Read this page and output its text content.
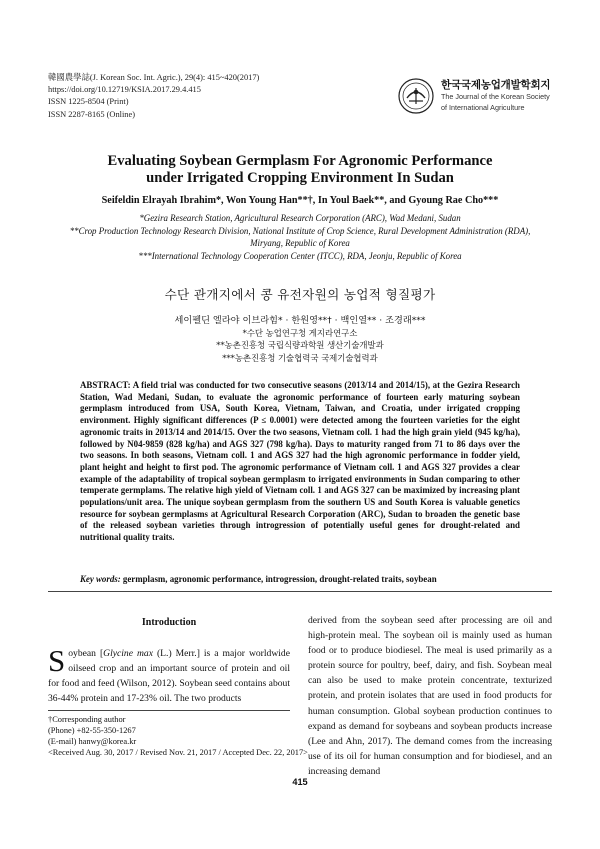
韓國農學誌(J. Korean Soc. Int. Agric.), 29(4): 415~420(2017)
https://doi.org/10.12719/KSIA.2017.29.4.415
ISSN 1225-8504 (Print)
ISSN 2287-8165 (Online)
한국국제농업개발학회지
The Journal of the Korean Society
of International Agriculture
Evaluating Soybean Germplasm For Agronomic Performance
under Irrigated Cropping Environment In Sudan
Seifeldin Elrayah Ibrahim*, Won Young Han**†, In Youl Baek**, and Gyoung Rae Cho***
*Gezira Research Station, Agricultural Research Corporation (ARC), Wad Medani, Sudan
**Crop Production Technology Research Division, National Institute of Crop Science, Rural Development Administration (RDA),
Miryang, Republic of Korea
***International Technology Cooperation Center (ITCC), RDA, Jeonju, Republic of Korea
수단 관개지에서 콩 유전자원의 농업적 형질평가
세이펠딘 엘라야 이브라힘* · 한원영**† · 백인열** · 조경래***
*수단 농업연구청 게지라연구소
**농촌진흥청 국립식량과학원 생산기술개발과
***농촌진흥청 기술협력국 국제기술협력과
ABSTRACT: A field trial was conducted for two consecutive seasons (2013/14 and 2014/15), at the Gezira Research Station, Wad Medani, Sudan, to evaluate the agronomic performance of fourteen early maturing soybean germplasm introduced from USA, South Korea, Vietnam, Taiwan, and Croatia, under irrigated cropping environment. Highly significant differences (P ≤ 0.0001) were detected among the fourteen varieties for the eight agronomic traits in 2013/14 and 2014/15. Over the two seasons, Vietnam coll. 1 had the high grain yield (945 kg/ha), followed by N04-9859 (828 kg/ha) and AGS 327 (798 kg/ha). Days to maturity ranged from 71 to 86 days over the two seasons. In both seasons, Vietnam coll. 1 and AGS 327 had the high agronomic performance in fodder yield, plant height and height to first pod. The agronomic performance of Vietnam coll. 1 and AGS 327 provides a clear example of the adaptability of tropical soybean germplasm to irrigated environments in Sudan comparing to other temperate germplams. The relative high yield of Vietnam coll. 1 and AGS 327 can be maximized by increasing plant populations/unit area. The unique soybean germplasm from the southern US and South Korea is valuable genetics resource for soybean germplasms at Agricultural Research Corporation (ARC), Sudan to broaden the genetic base of the released soybean varieties through introgression of potentially useful genes for drought-related and nutritional quality traits.
Key words: germplasm, agronomic performance, introgression, drought-related traits, soybean
Introduction
Soybean [Glycine max (L.) Merr.] is a major worldwide oilseed crop and an important source of protein and oil for food and feed (Wilson, 2012). Soybean seed contains about 36-44% protein and 17-23% oil. The two products
derived from the soybean seed after processing are oil and high-protein meal. The soybean oil is mainly used as human food or to produce biodiesel. The meal is used primarily as a protein source for poultry, beef, dairy, and fish. Soybean meal can also be used to make protein concentrate, texturized protein, and protein isolates that are used in food products for human consumption. Global soybean production continues to expand as demand for soybeans and soybean products increase (Lee and Ahn, 2017). The demand comes from the increasing use of its oil for human consumption and for biodiesel, and an increasing demand
†Corresponding author
(Phone) +82-55-350-1267
(E-mail) hanwy@korea.kr
<Received Aug. 30, 2017 / Revised Nov. 21, 2017 / Accepted Dec. 22, 2017>
415
